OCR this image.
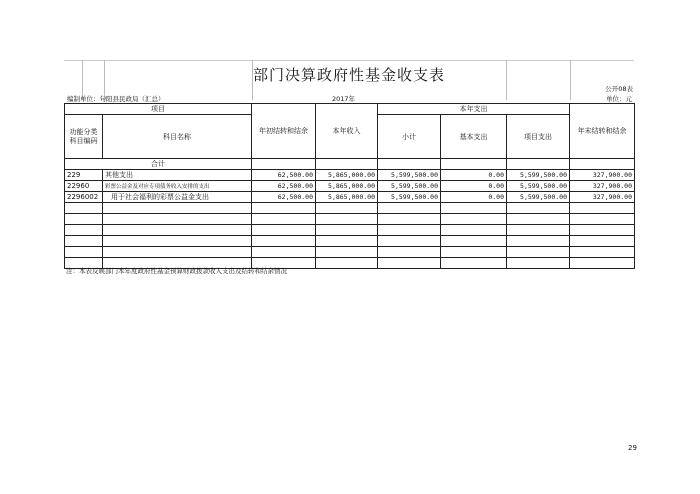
部门决算政府性基金收支表
公开08表
编制单位：句阳县民政局（汇总）	2017年	单位：元
项目		年初结转和结余	本年收入	本年支出			年末结转和结余
功能分类科目编码	科目名称			小计	基本支出	项目支出	
合计							
229	其他支出	62,500.00	5,865,000.00	5,599,500.00	0.00	5,599,500.00	327,900.00
22960	彩票公益金及对应专项债务收入安排的支出	62,500.00	5,865,000.00	5,599,500.00	0.00	5,599,500.00	327,900.00
2296002	用于社会福利的彩票公益金支出	62,500.00	5,865,000.00	5,599,500.00	0.00	5,599,500.00	327,900.00

注：本表反映部门本年度政府性基金预算财政拨款收入支出及结转和结余情况
29
